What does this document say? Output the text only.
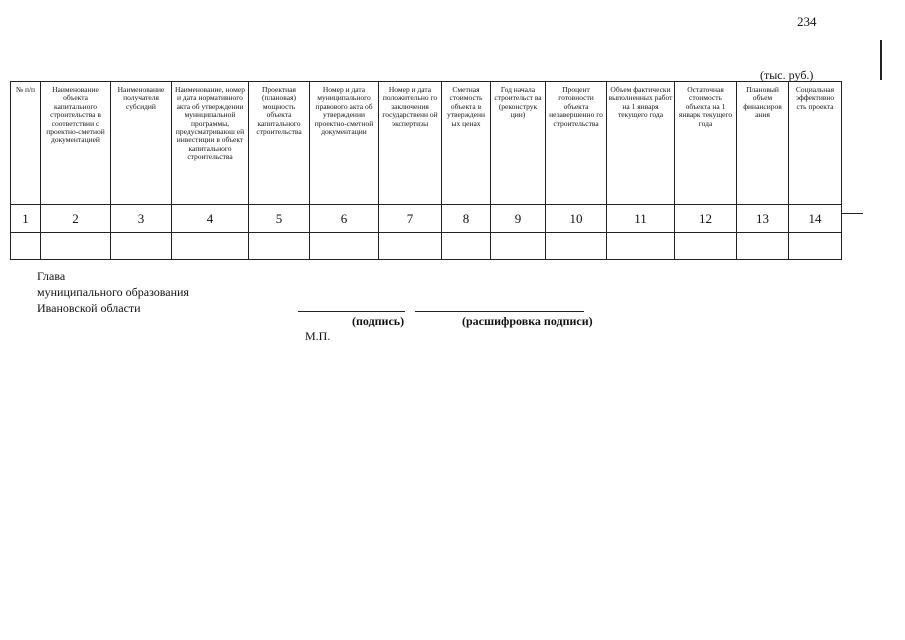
234
(тыс. руб.)
№ п/п	Наименование объекта капитального строительства в соответствии с проектно-сметной документацией	Наименование получателя субсидий	Наименование, номер и дата нормативного акта об утверждении муниципальной программы, предусматриваюш ей инвестиции в объект капитального строительства	Проектная (плановая) мощность объекта капитального строительства	Номер и дата муниципального правового акта об утверждении проектно-сметной документации	Номер и дата положительно го заключения государственн ой экспертизы	Сметная стоимость объекта в утвержденн ых ценах	Год начала строительст ва (реконструк ции)	Процент готовности объекта незавершенно го строительства	Объем фактически выполненных работ на 1 января текущего года	Остаточная стоимость объекта на 1 январк текущего года	Плановый объем финансиров ания	Социальная эффективно сть проекта
1	2	3	4	5	6	7	8	9	10	11	12	13	14

Глава
муниципального образования
Ивановской области
(подпись)	(расшифровка подписи)
М.П.
